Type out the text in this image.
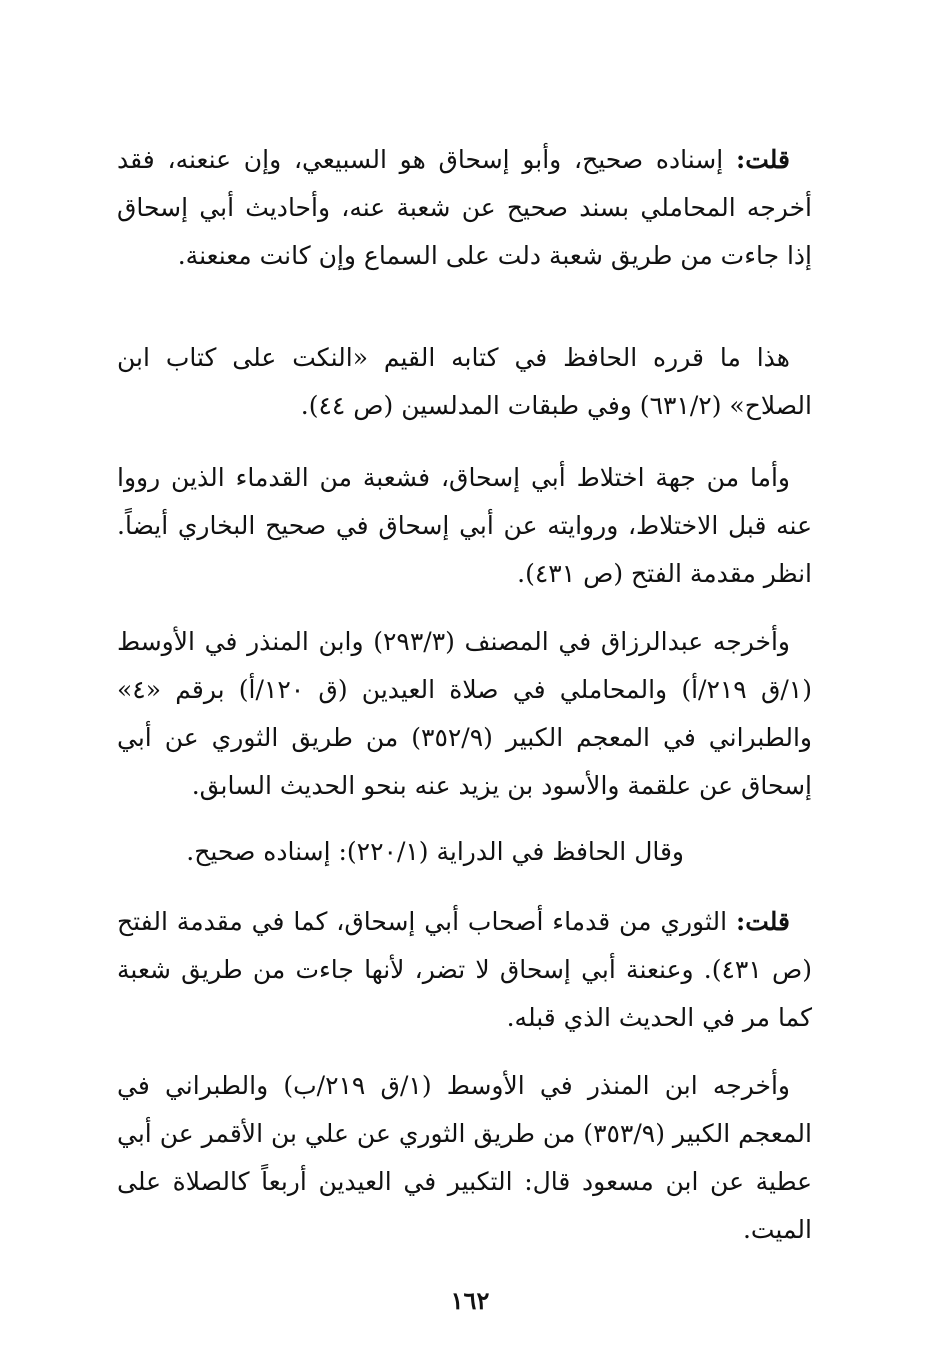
قلت: إسناده صحيح، وأبو إسحاق هو السبيعي، وإن عنعنه، فقد أخرجه المحاملي بسند صحيح عن شعبة عنه، وأحاديث أبي إسحاق إذا جاءت من طريق شعبة دلت على السماع وإن كانت معنعنة.

هذا ما قرره الحافظ في كتابه القيم «النكت على كتاب ابن الصلاح» (٦٣١/٢) وفي طبقات المدلسين (ص ٤٤).

وأما من جهة اختلاط أبي إسحاق، فشعبة من القدماء الذين رووا عنه قبل الاختلاط، وروايته عن أبي إسحاق في صحيح البخاري أيضاً. انظر مقدمة الفتح (ص ٤٣١).

وأخرجه عبدالرزاق في المصنف (٢٩٣/٣) وابن المنذر في الأوسط (١/ق ٢١٩/أ) والمحاملي في صلاة العيدين (ق ١٢٠/أ) برقم «٤» والطبراني في المعجم الكبير (٣٥٢/٩) من طريق الثوري عن أبي إسحاق عن علقمة والأسود بن يزيد عنه بنحو الحديث السابق.

وقال الحافظ في الدراية (٢٢٠/١): إسناده صحيح.

قلت: الثوري من قدماء أصحاب أبي إسحاق، كما في مقدمة الفتح (ص ٤٣١). وعنعنة أبي إسحاق لا تضر، لأنها جاءت من طريق شعبة كما مر في الحديث الذي قبله.

وأخرجه ابن المنذر في الأوسط (١/ق ٢١٩/ب) والطبراني في المعجم الكبير (٣٥٣/٩) من طريق الثوري عن علي بن الأقمر عن أبي عطية عن ابن مسعود قال: التكبير في العيدين أربعاً كالصلاة على الميت.

١٦٢
